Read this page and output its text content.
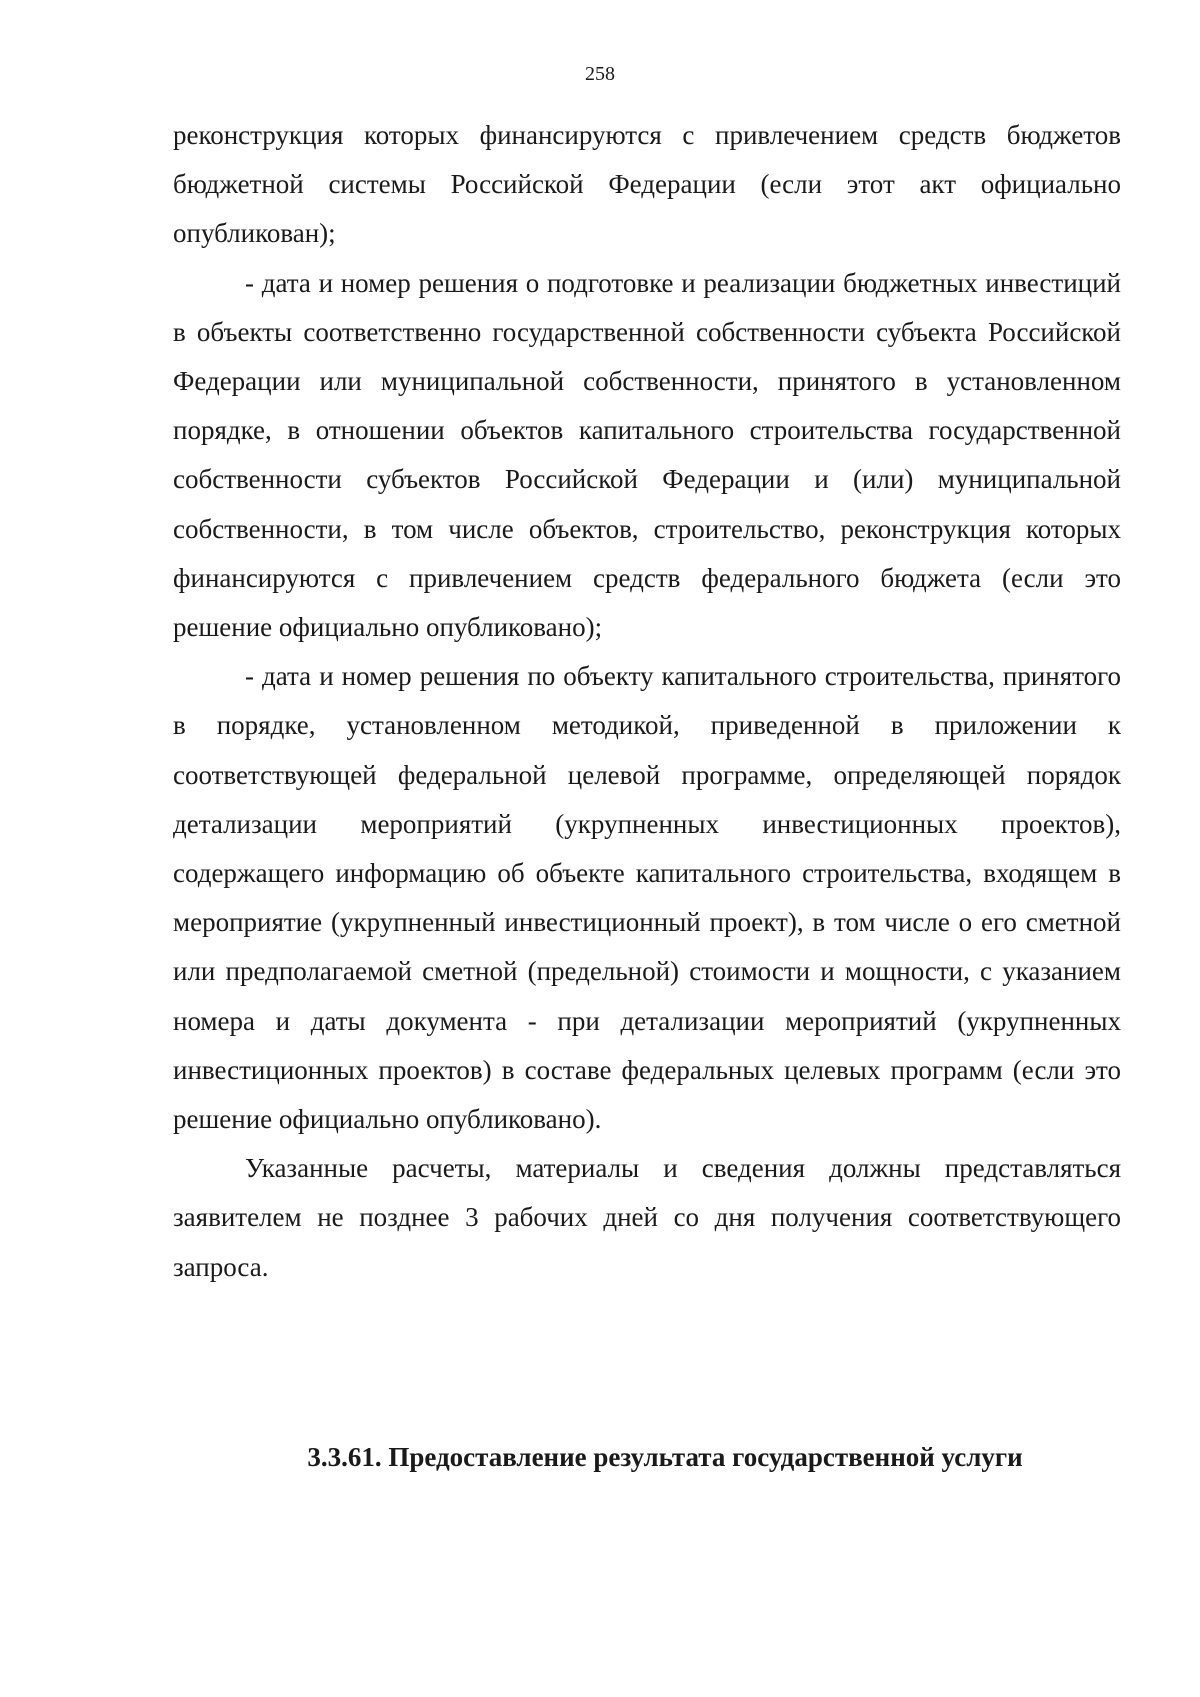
258

реконструкция которых финансируются с привлечением средств бюджетов бюджетной системы Российской Федерации (если этот акт официально опубликован);

- дата и номер решения о подготовке и реализации бюджетных инвестиций в объекты соответственно государственной собственности субъекта Российской Федерации или муниципальной собственности, принятого в установленном порядке, в отношении объектов капитального строительства государственной собственности субъектов Российской Федерации и (или) муниципальной собственности, в том числе объектов, строительство, реконструкция которых финансируются с привлечением средств федерального бюджета (если это решение официально опубликовано);

- дата и номер решения по объекту капитального строительства, принятого в порядке, установленном методикой, приведенной в приложении к соответствующей федеральной целевой программе, определяющей порядок детализации мероприятий (укрупненных инвестиционных проектов), содержащего информацию об объекте капитального строительства, входящем в мероприятие (укрупненный инвестиционный проект), в том числе о его сметной или предполагаемой сметной (предельной) стоимости и мощности, с указанием номера и даты документа - при детализации мероприятий (укрупненных инвестиционных проектов) в составе федеральных целевых программ (если это решение официально опубликовано).

Указанные расчеты, материалы и сведения должны представляться заявителем не позднее 3 рабочих дней со дня получения соответствующего запроса.

3.3.61. Предоставление результата государственной услуги
